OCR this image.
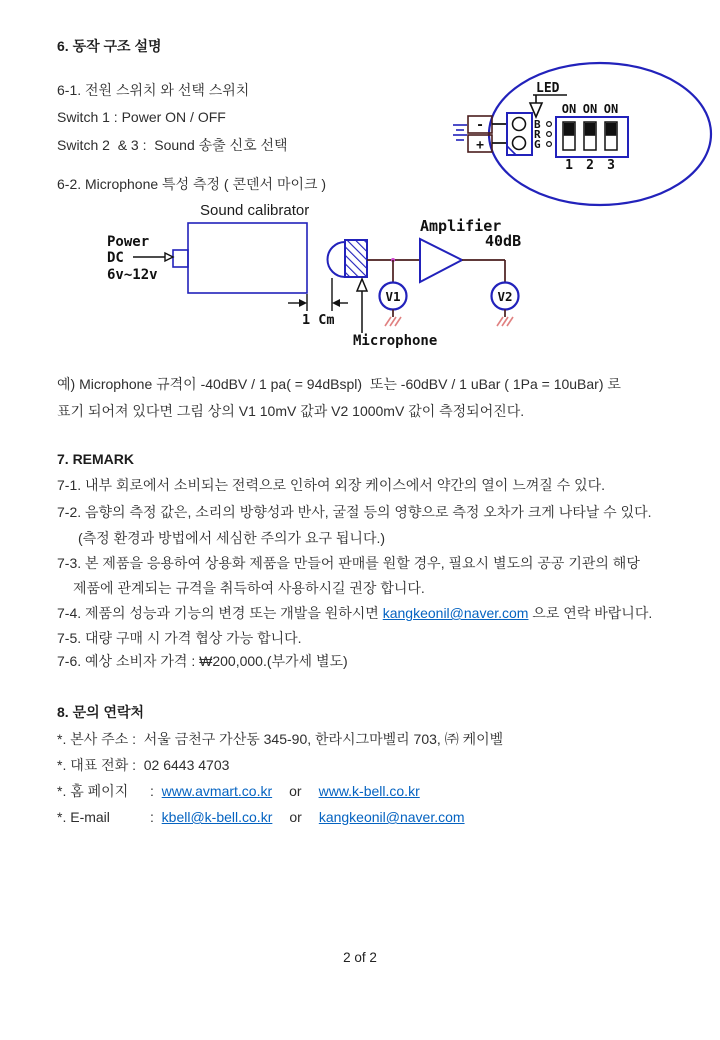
6. 동작 구조 설명
6-1. 전원 스위치 와 선택 스위치
Switch 1 : Power ON / OFF
Switch 2  & 3 :  Sound 송출 신호 선택
6-2. Microphone 특성 측정 ( 콘덴서 마이크 )
Sound calibrator
예) Microphone 규격이 -40dBV / 1 pa( = 94dBspl)  또는 -60dBV / 1 uBar ( 1Pa = 10uBar) 로
표기 되어져 있다면 그림 상의 V1 10mV 값과 V2 1000mV 값이 측정되어진다.
7. REMARK
7-1. 내부 회로에서 소비되는 전력으로 인하여 외장 케이스에서 약간의 열이 느껴질 수 있다.
7-2. 음향의 측정 값은, 소리의 방향성과 반사, 굴절 등의 영향으로 측정 오차가 크게 나타날 수 있다.
(측정 환경과 방법에서 세심한 주의가 요구 됩니다.)
7-3. 본 제품을 응용하여 상용화 제품을 만들어 판매를 원할 경우, 필요시 별도의 공공 기관의 해당
제품에 관계되는 규격을 취득하여 사용하시길 권장 합니다.
7-4. 제품의 성능과 기능의 변경 또는 개발을 원하시면 kangkeonil@naver.com 으로 연락 바랍니다.
7-5. 대량 구매 시 가격 협상 가능 합니다.
7-6. 예상 소비자 가격 : ₩200,000.(부가세 별도)
8. 문의 연락처
*. 본사 주소 :  서울 금천구 가산동 345-90, 한라시그마벨리 703, ㈜ 케이벨
*. 대표 전화 :  02 6443 4703
*. 홈 페이지 :  www.avmart.co.kr or www.k-bell.co.kr
*. E-mail	:  kbell@k-bell.co.kr or kangkeonil@naver.com
2 of 2
-
+
LED
B
R
G
ON ON ON
1 2 3
Power
DC
6v~12v
1 Cm
Microphone
Amplifier
40dB
V1	V2
